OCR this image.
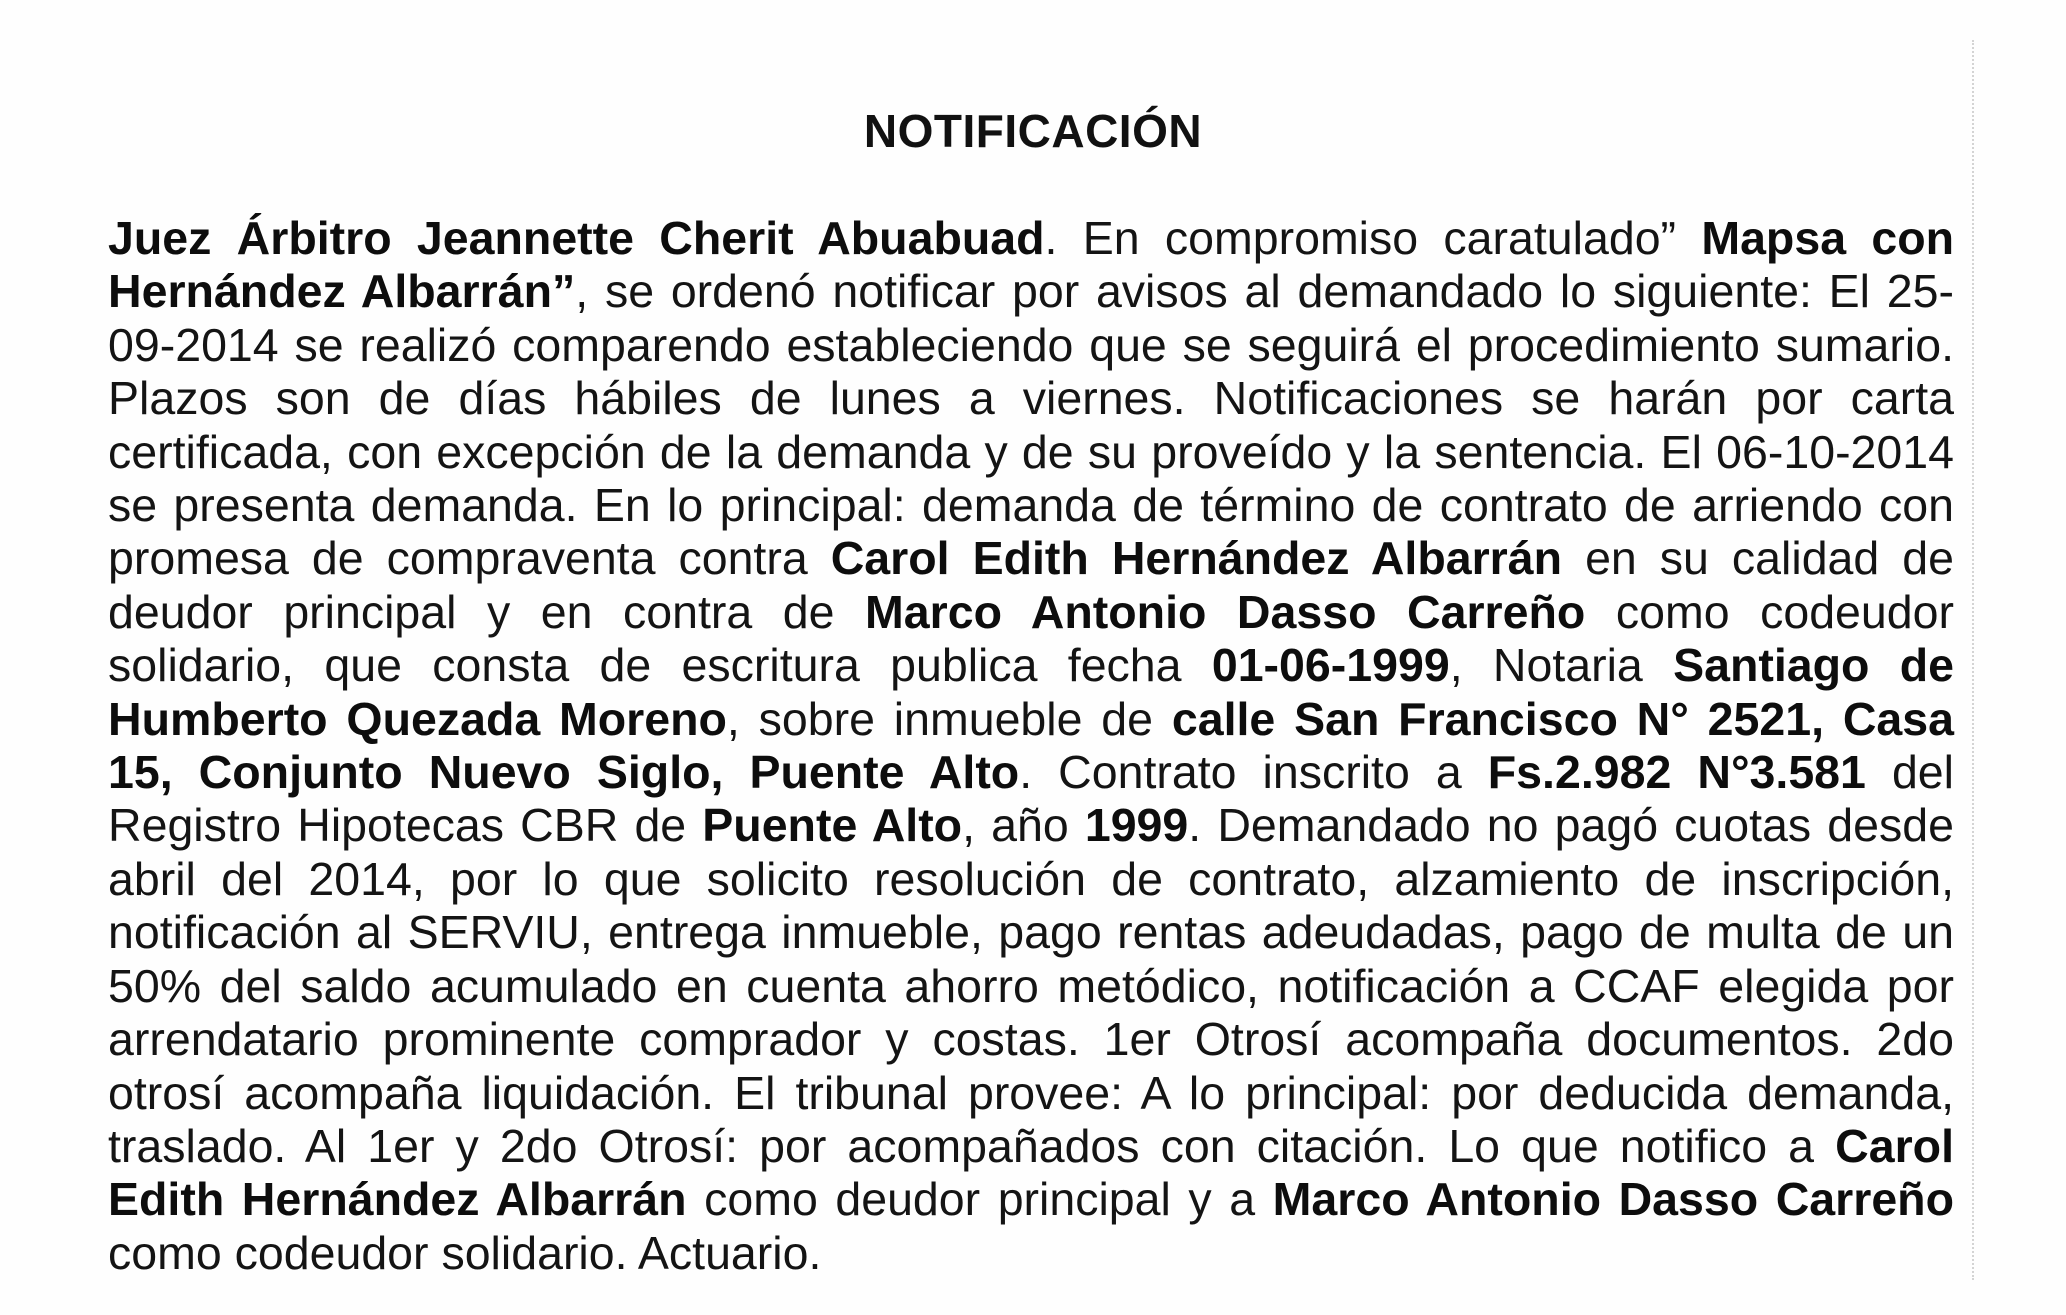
NOTIFICACIÓN

Juez Árbitro Jeannette Cherit Abuabuad. En compromiso caratulado” Mapsa con Hernández Albarrán”, se ordenó notificar por avisos al demandado lo siguiente: El 25-09-2014 se realizó comparendo estableciendo que se seguirá el procedimiento sumario. Plazos son de días hábiles de lunes a viernes. Notificaciones se harán por carta certificada, con excepción de la demanda y de su proveído y la sentencia. El 06-10-2014 se presenta demanda. En lo principal: demanda de término de contrato de arriendo con promesa de compraventa contra Carol Edith Hernández Albarrán en su calidad de deudor principal y en contra de Marco Antonio Dasso Carreño como codeudor solidario, que consta de escritura publica fecha 01-06-1999, Notaria Santiago de Humberto Quezada Moreno, sobre inmueble de calle San Francisco N° 2521, Casa 15, Conjunto Nuevo Siglo, Puente Alto. Contrato inscrito a Fs.2.982 N°3.581 del Registro Hipotecas CBR de Puente Alto, año 1999. Demandado no pagó cuotas desde abril del 2014, por lo que solicito resolución de contrato, alzamiento de inscripción, notificación al SERVIU, entrega inmueble, pago rentas adeudadas, pago de multa de un 50% del saldo acumulado en cuenta ahorro metódico, notificación a CCAF elegida por arrendatario prominente comprador y costas. 1er Otrosí acompaña documentos. 2do otrosí acompaña liquidación. El tribunal provee: A lo principal: por deducida demanda, traslado. Al 1er y 2do Otrosí: por acompañados con citación. Lo que notifico a Carol Edith Hernández Albarrán como deudor principal y a Marco Antonio Dasso Carreño como codeudor solidario. Actuario.
